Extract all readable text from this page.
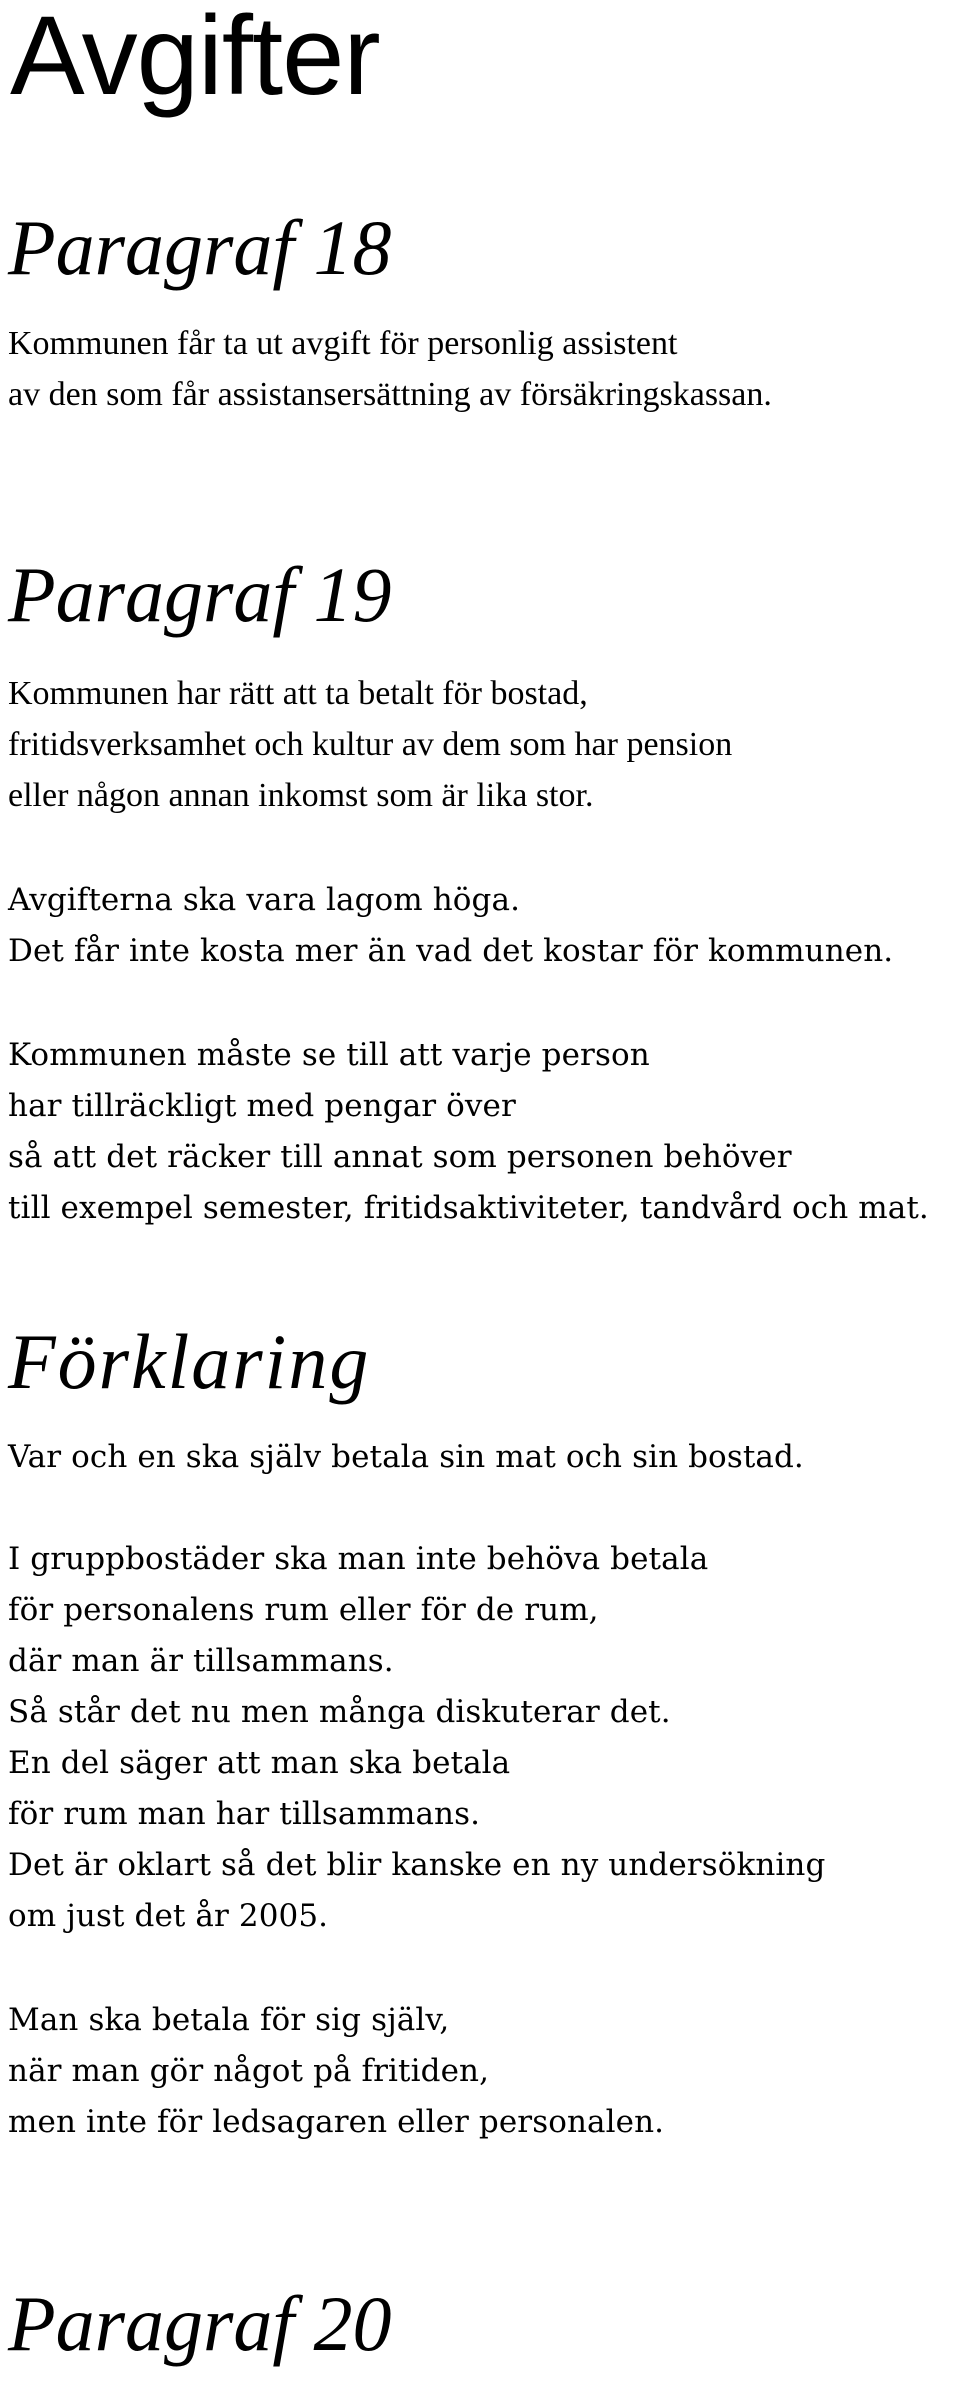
Avgifter
Paragraf 18
Kommunen får ta ut avgift för personlig assistent
av den som får assistansersättning av försäkringskassan.
Paragraf 19
Kommunen har rätt att ta betalt för bostad,
fritidsverksamhet och kultur av dem som har pension
eller någon annan inkomst som är lika stor.
Avgifterna ska vara lagom höga.
Det får inte kosta mer än vad det kostar för kommunen.
Kommunen måste se till att varje person
har tillräckligt med pengar över
så att det räcker till annat som personen behöver
till exempel semester, fritidsaktiviteter, tandvård och mat.
Förklaring
Var och en ska själv betala sin mat och sin bostad.
I gruppbostäder ska man inte behöva betala
för personalens rum eller för de rum,
där man är tillsammans.
Så står det nu men många diskuterar det.
En del säger att man ska betala
för rum man har tillsammans.
Det är oklart så det blir kanske en ny undersökning
om just det år 2005.
Man ska betala för sig själv,
när man gör något på fritiden,
men inte för ledsagaren eller personalen.
Paragraf 20
